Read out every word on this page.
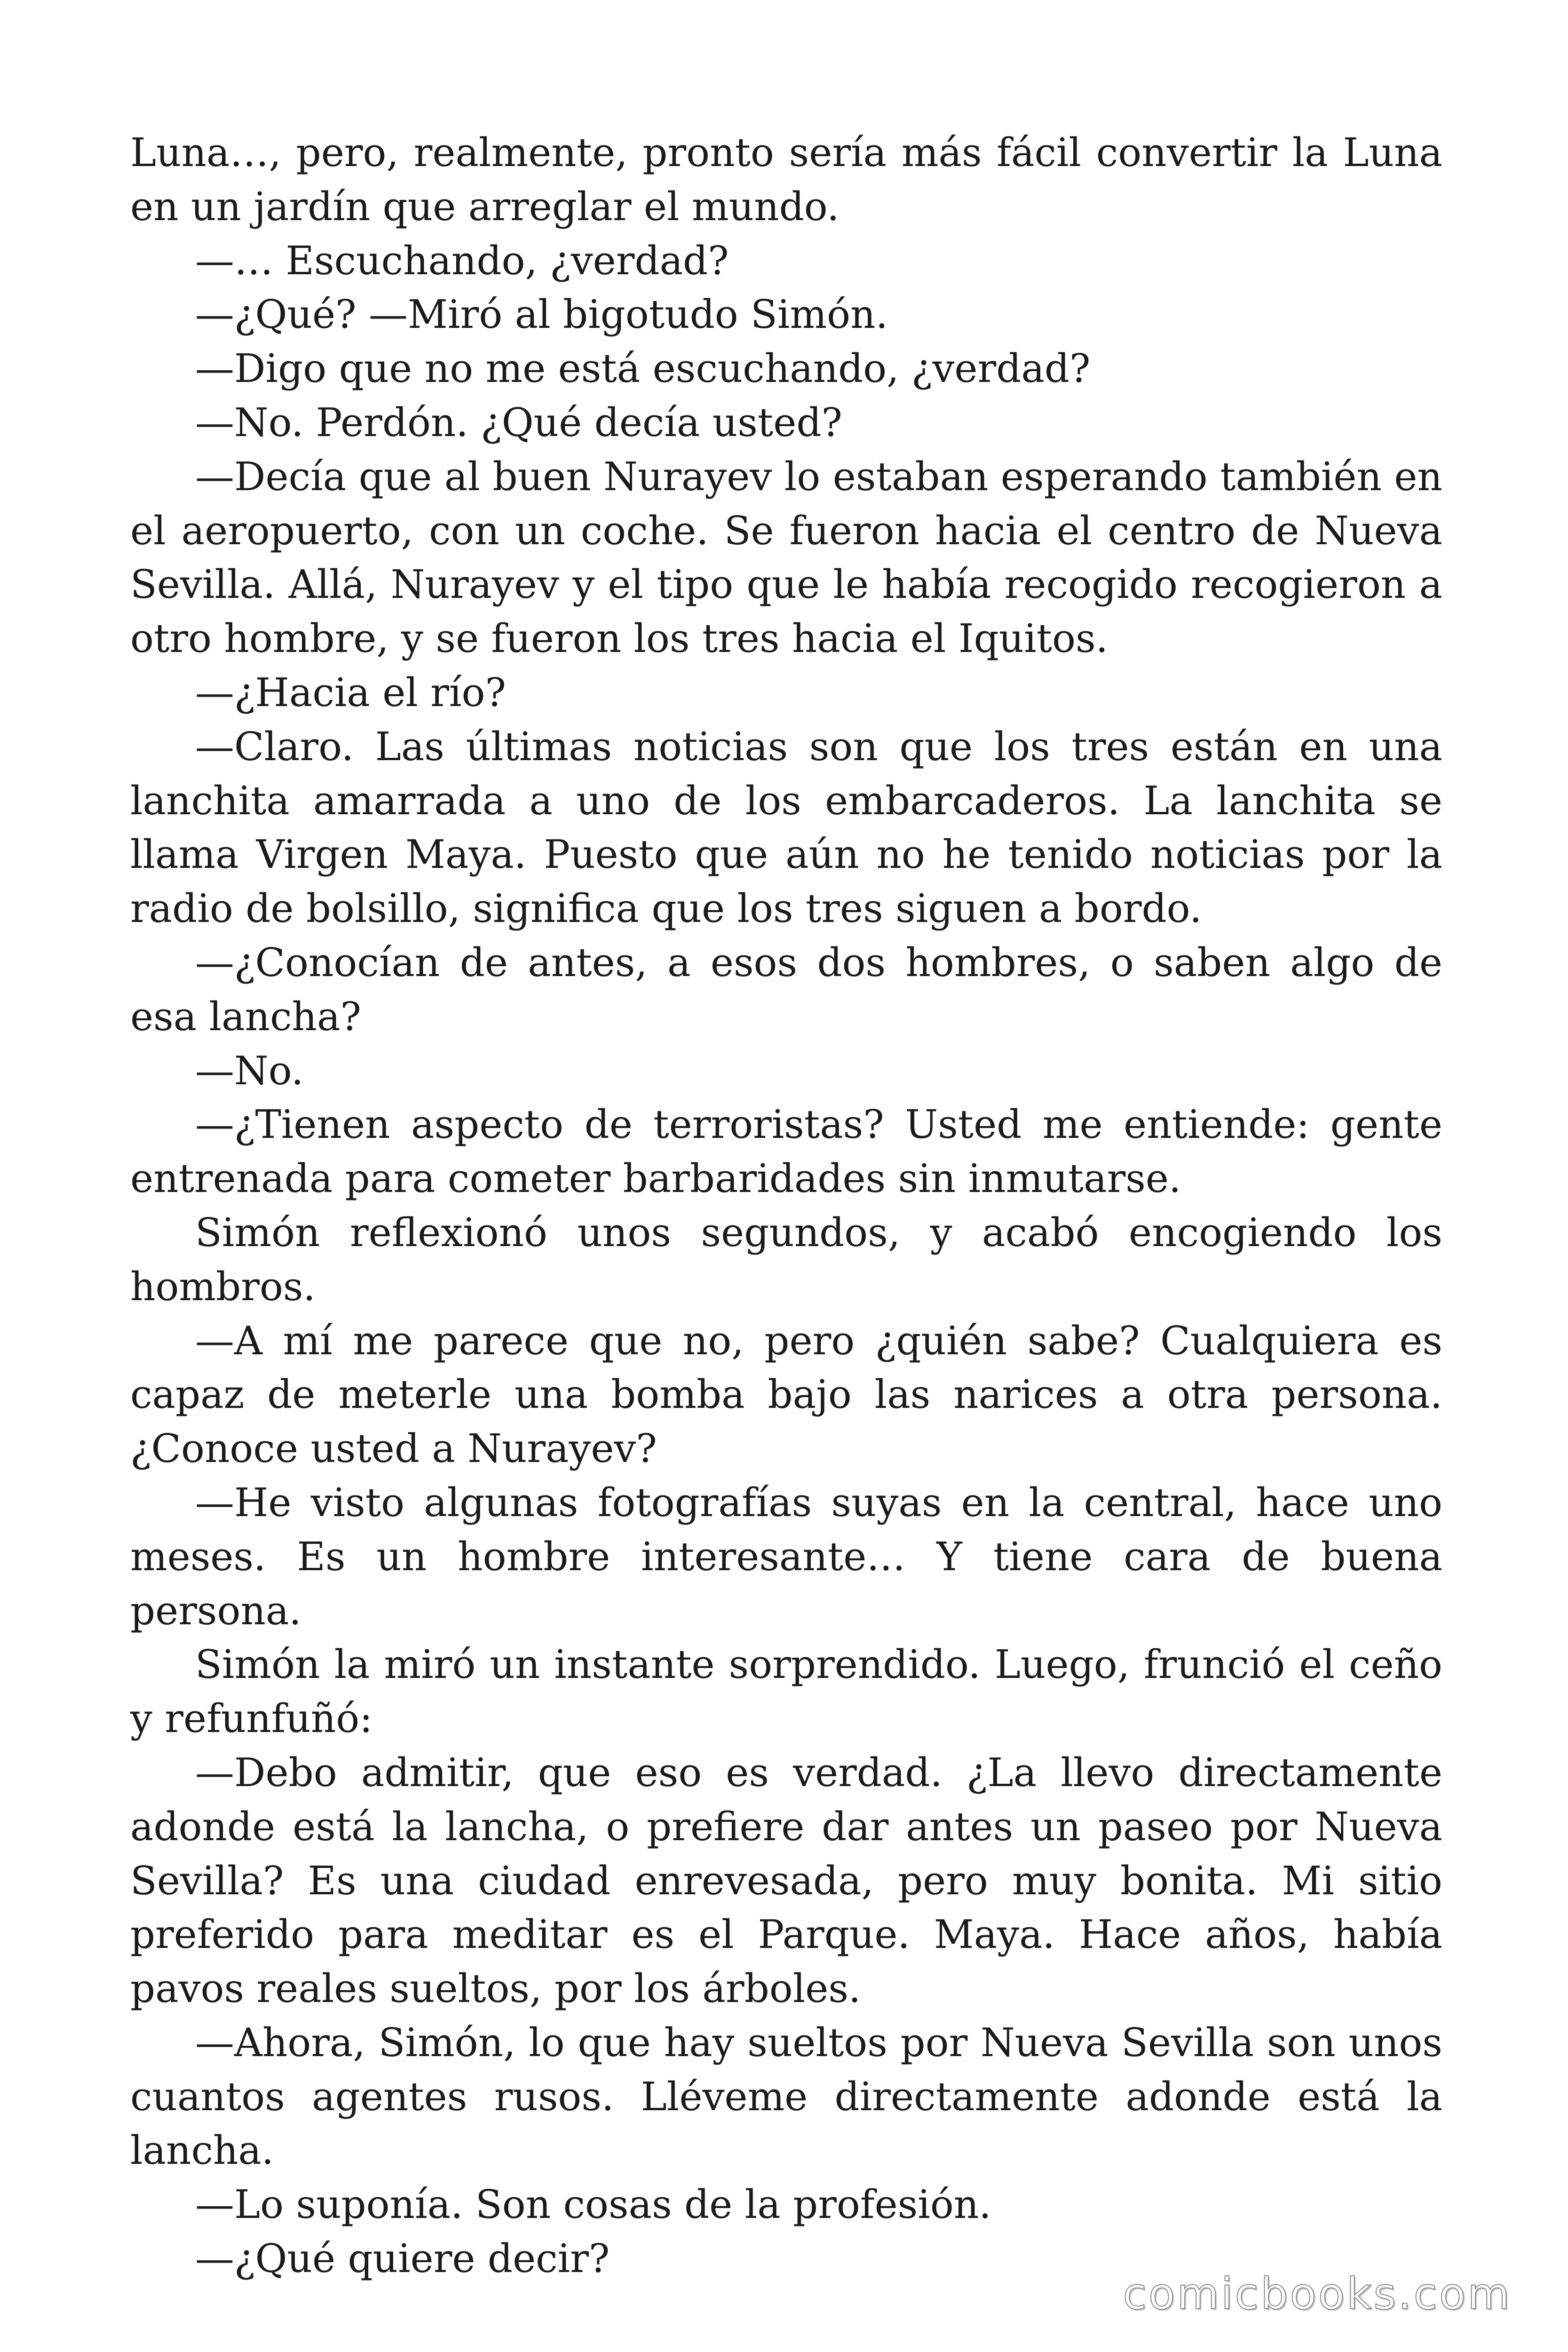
Luna…, pero, realmente, pronto sería más fácil convertir la Luna en un jardín que arreglar el mundo.

—… Escuchando, ¿verdad?

—¿Qué? —Miró al bigotudo Simón.

—Digo que no me está escuchando, ¿verdad?

—No. Perdón. ¿Qué decía usted?

—Decía que al buen Nurayev lo estaban esperando también en el aeropuerto, con un coche. Se fueron hacia el centro de Nueva Sevilla. Allá, Nurayev y el tipo que le había recogido recogieron a otro hombre, y se fueron los tres hacia el Iquitos.

—¿Hacia el río?

—Claro. Las últimas noticias son que los tres están en una lanchita amarrada a uno de los embarcaderos. La lanchita se llama Virgen Maya. Puesto que aún no he tenido noticias por la radio de bolsillo, significa que los tres siguen a bordo.

—¿Conocían de antes, a esos dos hombres, o saben algo de esa lancha?

—No.

—¿Tienen aspecto de terroristas? Usted me entiende: gente entrenada para cometer barbaridades sin inmutarse.

Simón reflexionó unos segundos, y acabó encogiendo los hombros.

—A mí me parece que no, pero ¿quién sabe? Cualquiera es capaz de meterle una bomba bajo las narices a otra persona. ¿Conoce usted a Nurayev?

—He visto algunas fotografías suyas en la central, hace uno meses. Es un hombre interesante… Y tiene cara de buena persona.

Simón la miró un instante sorprendido. Luego, frunció el ceño y refunfuñó:

—Debo admitir, que eso es verdad. ¿La llevo directamente adonde está la lancha, o prefiere dar antes un paseo por Nueva Sevilla? Es una ciudad enrevesada, pero muy bonita. Mi sitio preferido para meditar es el Parque. Maya. Hace años, había pavos reales sueltos, por los árboles.

—Ahora, Simón, lo que hay sueltos por Nueva Sevilla son unos cuantos agentes rusos. Lléveme directamente adonde está la lancha.

—Lo suponía. Son cosas de la profesión.

—¿Qué quiere decir?

comicbooks.com
